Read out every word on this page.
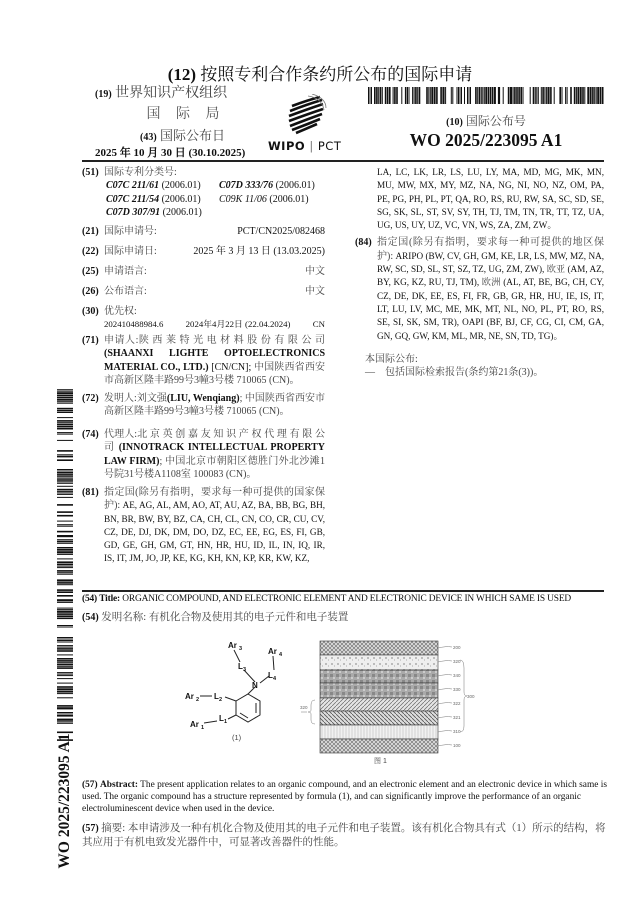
(12) 按照专利合作条约所公布的国际申请
(19) 世界知识产权组织
国 际 局
(43) 国际公布日
2025 年 10 月 30 日 (30.10.2025)	WIPO | PCT
(10) 国际公布号
WO 2025/223095 A1
WO 2025/223095 A1
(51) 国际专利分类号:
C07C 211/61 (2006.01)	C07D 333/76 (2006.01)
C07C 211/54 (2006.01)	C09K 11/06 (2006.01)
C07D 307/91 (2006.01)
(21) 国际申请号:	PCT/CN2025/082468
(22) 国际申请日:	2025 年 3 月 13 日 (13.03.2025)
(25) 申请语言:	中文
(26) 公布语言:	中文
(30) 优先权:
202410488984.6	2024年4月22日 (22.04.2024)	CN
(71) 申请人:陕 西 莱 特 光 电 材 料 股 份 有 限 公 司 (SHAANXI LIGHTE OPTOELECTRONICS MATERIAL CO., LTD.) [CN/CN]; 中国陕西省西安市高新区隆丰路99号3幢3号楼 710065 (CN)。
(72) 发明人:刘文强(LIU, Wenqiang); 中国陕西省西安市高新区隆丰路99号3幢3号楼 710065 (CN)。
(74) 代理人:北 京 英 创 嘉 友 知 识 产 权 代 理 有 限 公 司 (INNOTRACK INTELLECTUAL PROPERTY LAW FIRM); 中国北京市朝阳区德胜门外北沙滩1号院31号楼A1108室 100083 (CN)。
(81) 指定国(除另有指明，要求每一种可提供的国家保护): AE, AG, AL, AM, AO, AT, AU, AZ, BA, BB, BG, BH, BN, BR, BW, BY, BZ, CA, CH, CL, CN, CO, CR, CU, CV, CZ, DE, DJ, DK, DM, DO, DZ, EC, EE, EG, ES, FI, GB, GD, GE, GH, GM, GT, HN, HR, HU, ID, IL, IN, IQ, IR, IS, IT, JM, JO, JP, KE, KG, KH, KN, KP, KR, KW, KZ,
LA, LC, LK, LR, LS, LU, LY, MA, MD, MG, MK, MN, MU, MW, MX, MY, MZ, NA, NG, NI, NO, NZ, OM, PA, PE, PG, PH, PL, PT, QA, RO, RS, RU, RW, SA, SC, SD, SE, SG, SK, SL, ST, SV, SY, TH, TJ, TM, TN, TR, TT, TZ, UA, UG, US, UY, UZ, VC, VN, WS, ZA, ZM, ZW。
(84) 指定国(除另有指明，要求每一种可提供的地区保护): ARIPO (BW, CV, GH, GM, KE, LR, LS, MW, MZ, NA, RW, SC, SD, SL, ST, SZ, TZ, UG, ZM, ZW), 欧亚 (AM, AZ, BY, KG, KZ, RU, TJ, TM), 欧洲 (AL, AT, BE, BG, CH, CY, CZ, DE, DK, EE, ES, FI, FR, GB, GR, HR, HU, IE, IS, IT, LT, LU, LV, MC, ME, MK, MT, NL, NO, PL, PT, RO, RS, SE, SI, SK, SM, TR), OAPI (BF, BJ, CF, CG, CI, CM, GA, GN, GQ, GW, KM, ML, MR, NE, SN, TD, TG)。
本国际公布:
— 包括国际检索报告(条约第21条(3))。
(54) Title: ORGANIC COMPOUND, AND ELECTRONIC ELEMENT AND ELECTRONIC DEVICE IN WHICH SAME IS USED
(54) 发明名称: 有机化合物及使用其的电子元件和电子装置
N
Ar 3
L 3
Ar 4
L 4
Ar 2 L 2
Ar 1
L 1
(1)
200
320
340
330
322
321
310
100
300
320
图 1
(57) Abstract: The present application relates to an organic compound, and an electronic element and an electronic device in which same is used. The organic compound has a structure represented by formula (1), and can significantly improve the performance of an organic electroluminescent device when used in the device.
(57) 摘要: 本申请涉及一种有机化合物及使用其的电子元件和电子装置。该有机化合物具有式（1）所示的结构，将其应用于有机电致发光器件中，可显著改善器件的性能。
